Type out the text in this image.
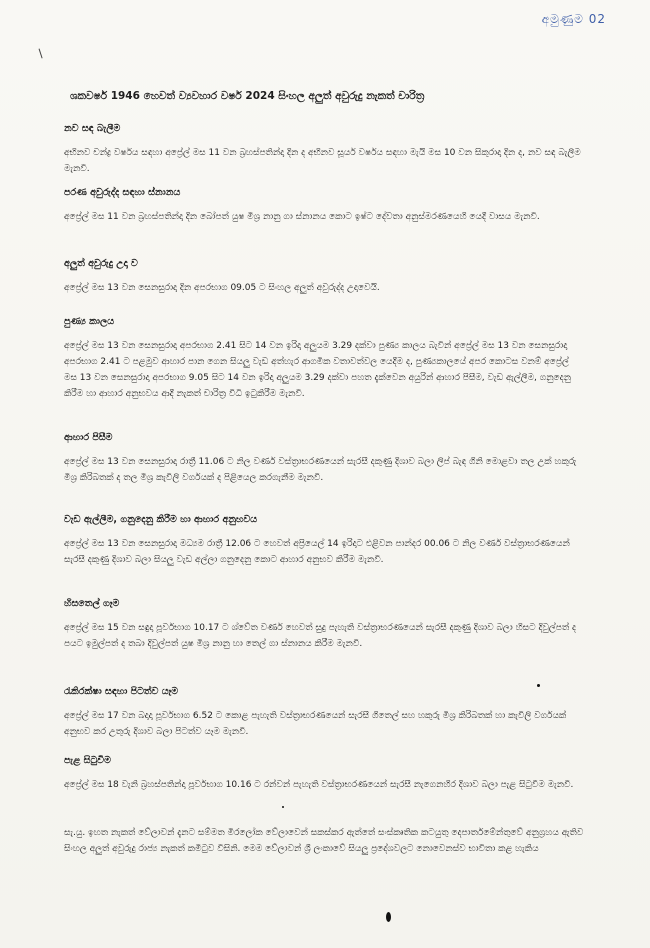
අමුණුම 02
ශකවර්ෂ 1946 හෙවත් ව්‍යවහාර වර්ෂ 2024 සිංහල අලුත් අවුරුදු නැකත් චාරිත්‍ර
නව සඳ බැලීම

අභිනව චන්ද්‍ර වර්ෂය සඳහා අප්‍රේල් මස 11 වන බ්‍රහස්පතින්දා දින ද අභිනව සූර්ය වර්ෂය සඳහා මැයි මස 10 වන සිකුරාදා දින ද, නව සඳ බැලීම මැනවි.

පරණ අවුරුද්ද සඳහා ස්නානය

අප්‍රේල් මස 11 වන බ්‍රහස්පතින්දා දින බෝපත් යුෂ මිශ්‍ර නානු ගා ස්නානය කොට ඉෂ්ට දේවතා අනුස්මරණයෙහි යෙදී වාසය මැනවි.

අලුත් අවුරුදු උදා ව

අප්‍රේල් මස 13 වන සෙනසුරාදා දින අපරභාග 09.05 ට සිංහල අලුත් අවුරුද්ද උදාවෙයි.

පුණ්‍ය කාලය

අප්‍රේල් මස 13 වන සෙනසුරාදා අපරභාග 2.41 සිට 14 වන ඉරිදා අලුයම 3.29 දක්වා පුණ්‍ය කාලය බැවින් අප්‍රේල් මස 13 වන සෙනසුරාදා අපරභාග 2.41 ට පළමුව ආහාර පාන ගෙන සියලු වැඩ අත්හැර ආගමික වතාවත්වල යෙදීම ද, පුණ්‍යකාලයේ අපර කොටස වනම් අප්‍රේල් මස 13 වන සෙනසුරාදා අපරභාග 9.05 සිට 14 වන ඉරිදා අලුයම 3.29 දක්වා පහත දැක්වෙන අයුරින් ආහාර පිසීම, වැඩ ඇල්ලීම, ගනුදෙනු කිරීම හා ආහාර අනුභවය ආදී නැකත් චාරිත්‍ර විධි ඉටුකිරීම මැනවි.

ආහාර පිසීම

අප්‍රේල් මස 13 වන සෙනසුරාදා රාත්‍රී 11.06 ට නිල වර්ණ වස්ත්‍රාභරණයෙන් සැරසී දකුණු දිශාව බලා ලිප් බැඳ ගිනි මොළවා තල උක් හකුරු මිශ්‍ර කිරිබතක් ද තල මිශ්‍ර කැවිලි වර්ගයක් ද පිළියෙල කරගැනීම මැනවි.

වැඩ ඇල්ලීම, ගනුදෙනු කිරීම හා ආහාර අනුභවය

අප්‍රේල් මස 13 වන සෙනසුරාදා මධ්‍යම රාත්‍රී 12.06 ට හෙවත් අප්‍රියෙල් 14 ඉරිදාට එළිවන පාන්දර 00.06 ට නිල වර්ණ වස්ත්‍රාභරණයෙන් සැරසී දකුණු දිශාව බලා සියලු වැඩ අල්ලා ගනුදෙනු කොට ආහාර අනුභව කිරීම මැනවි.

හිසතෙල් ගෑම

අප්‍රේල් මස 15 වන සඳුදා පූර්වභාග 10.17 ට ශ්වේත වර්ණ හෙවත් සුදු පැහැති වස්ත්‍රාභරණයෙන් සැරසී දකුණු දිශාව බලා හිසට දිවුල්පත් ද පයට ඉමුල්පත් ද තබා දිවුල්පත් යුෂ මිශ්‍ර නානු හා තෙල් ගා ස්නානය කිරීම මැනවි.

රැකිරක්ෂා සඳහා පිටත්ව යෑම

අප්‍රේල් මස 17 වන බදාදා පූර්වභාග 6.52 ට කොළ පැහැති වස්ත්‍රාභරණයෙන් සැරසී ගිතෙල් සහ හකුරු මිශ්‍ර කිරිබතක් හා කැවිලි වර්ගයක් අනුභව කර උතුරු දිශාව බලා පිටත්ව යෑම මැනවි.

පැළ සිටුවීම

අප්‍රේල් මස 18 වැනි බ්‍රහස්පතින්දා පූර්වභාග 10.16 ට රන්වන් පැහැති වස්ත්‍රාභරණයෙන් සැරසී නැගෙනහිර දිශාව බලා පැළ සිටුවීම මැනවි.

සැ.යු. ඉහත නැකත් වේලාවන් දැනට සම්මත මිරලෝක වේලාවෙන් සකස්කර ඇත්තේ සංස්කෘතික කටයුතු දෙපාර්තමේන්තුවේ අනුග්‍රහය ඇතිව සිංහල අලුත් අවුරුදු රාජ්‍ය නැකත් කමිටුව විසිනි. මෙම වේලාවන් ශ්‍රී ලංකාවේ සියලු ප්‍රදේශවලට නොවෙනස්ව භාවිතා කළ හැකිය
